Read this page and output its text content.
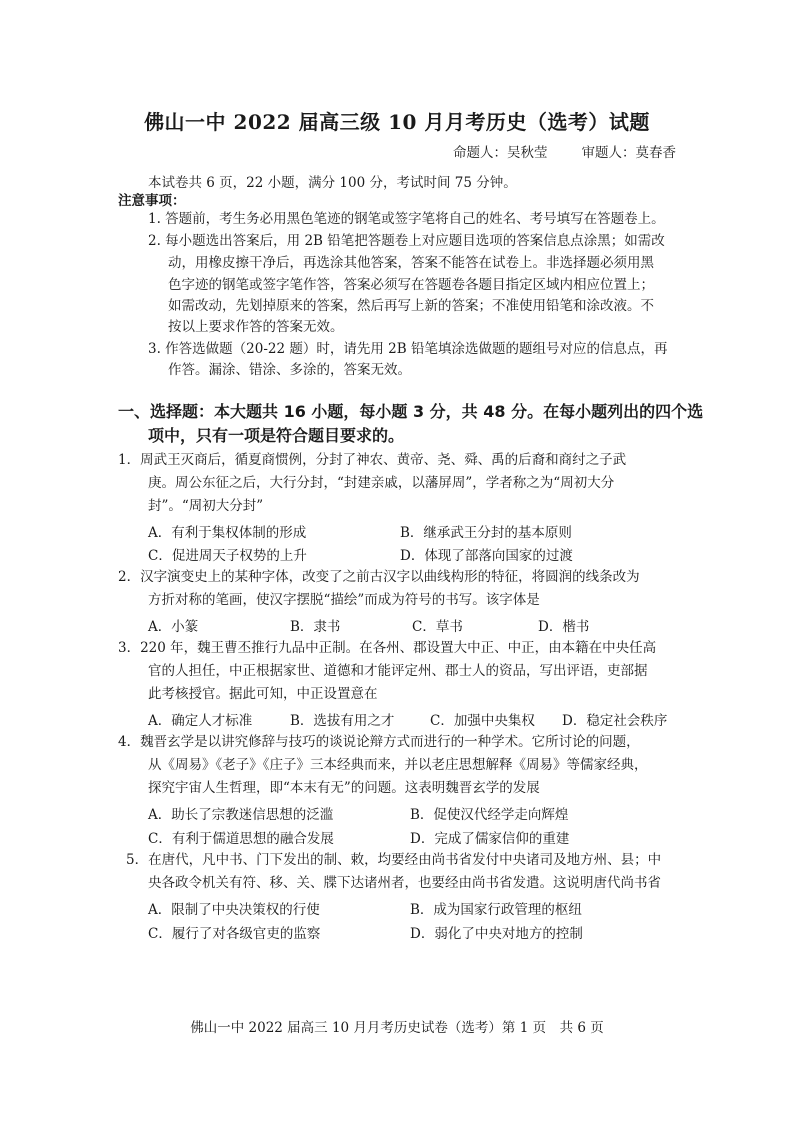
佛山一中 2022 届高三级 10 月月考历史（选考）试题
命题人：吴秋莹	审题人：莫春香
本试卷共 6 页，22 小题，满分 100 分，考试时间 75 分钟。
注意事项：
1. 答题前，考生务必用黑色笔迹的钢笔或签字笔将自己的姓名、考号填写在答题卷上。
2. 每小题选出答案后，用 2B 铅笔把答题卷上对应题目选项的答案信息点涂黑；如需改
动，用橡皮擦干净后，再选涂其他答案，答案不能答在试卷上。非选择题必须用黑
色字迹的钢笔或签字笔作答，答案必须写在答题卷各题目指定区域内相应位置上；
如需改动，先划掉原来的答案，然后再写上新的答案；不准使用铅笔和涂改液。不
按以上要求作答的答案无效。
3. 作答选做题（20-22 题）时，请先用 2B 铅笔填涂选做题的题组号对应的信息点，再
作答。漏涂、错涂、多涂的，答案无效。
一、选择题：本大题共 16 小题，每小题 3 分，共 48 分。在每小题列出的四个选
项中，只有一项是符合题目要求的。
1．周武王灭商后，循夏商惯例，分封了神农、黄帝、尧、舜、禹的后裔和商纣之子武
庚。周公东征之后，大行分封，“封建亲戚，以藩屏周”，学者称之为“周初大分
封”。“周初大分封”
A．有利于集权体制的形成	B．继承武王分封的基本原则
C．促进周天子权势的上升	D．体现了部落向国家的过渡
2．汉字演变史上的某种字体，改变了之前古汉字以曲线构形的特征，将圆润的线条改为
方折对称的笔画，使汉字摆脱“描绘”而成为符号的书写。该字体是
A．小篆	B．隶书	C．草书	D．楷书
3．220 年，魏王曹丕推行九品中正制。在各州、郡设置大中正、中正，由本籍在中央任高
官的人担任，中正根据家世、道德和才能评定州、郡士人的资品，写出评语，吏部据
此考核授官。据此可知，中正设置意在
A．确定人才标准	B．选拔有用之才	C．加强中央集权 D．稳定社会秩序
4．魏晋玄学是以讲究修辞与技巧的谈说论辩方式而进行的一种学术。它所讨论的问题，
从《周易》《老子》《庄子》三本经典而来，并以老庄思想解释《周易》等儒家经典，
探究宇宙人生哲理，即“本末有无”的问题。这表明魏晋玄学的发展
A．助长了宗教迷信思想的泛滥	B．促使汉代经学走向辉煌
C．有利于儒道思想的融合发展	D．完成了儒家信仰的重建
5．在唐代，凡中书、门下发出的制、敕，均要经由尚书省发付中央诸司及地方州、县；中
央各政令机关有符、移、关、牒下达诸州者，也要经由尚书省发遣。这说明唐代尚书省
A．限制了中央决策权的行使	B．成为国家行政管理的枢纽
C．履行了对各级官吏的监察	D．弱化了中央对地方的控制
佛山一中 2022 届高三 10 月月考历史试卷（选考）第 1 页　共 6 页
